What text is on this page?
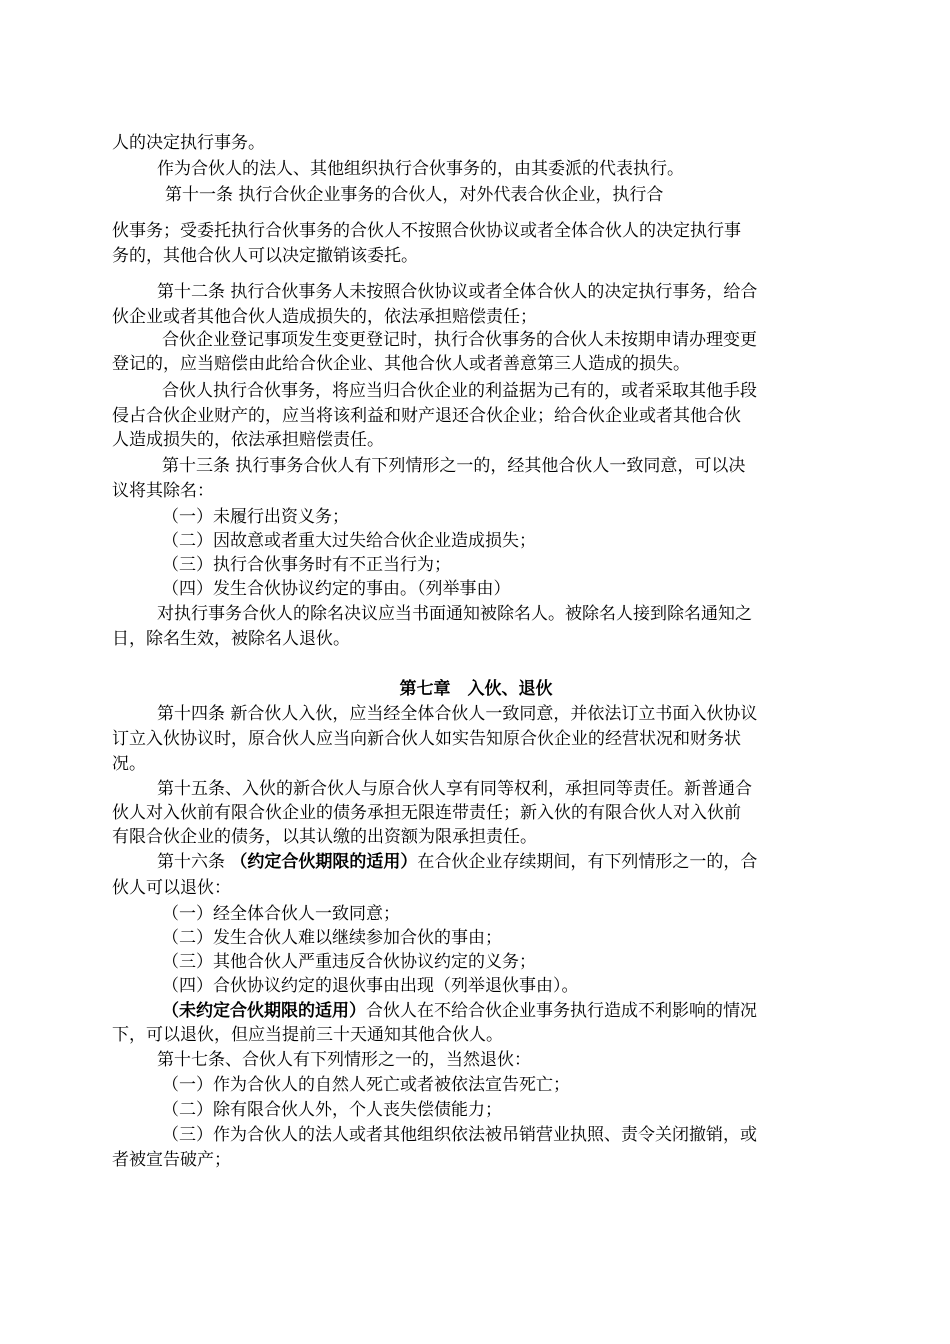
人的决定执行事务。
作为合伙人的法人、其他组织执行合伙事务的，由其委派的代表执行。
第十一条 执行合伙企业事务的合伙人，对外代表合伙企业，执行合
伙事务；受委托执行合伙事务的合伙人不按照合伙协议或者全体合伙人的决定执行事
务的，其他合伙人可以决定撤销该委托。
第十二条 执行合伙事务人未按照合伙协议或者全体合伙人的决定执行事务，给合
伙企业或者其他合伙人造成损失的，依法承担赔偿责任；
合伙企业登记事项发生变更登记时，执行合伙事务的合伙人未按期申请办理变更
登记的，应当赔偿由此给合伙企业、其他合伙人或者善意第三人造成的损失。
合伙人执行合伙事务，将应当归合伙企业的利益据为己有的，或者采取其他手段
侵占合伙企业财产的，应当将该利益和财产退还合伙企业；给合伙企业或者其他合伙
人造成损失的，依法承担赔偿责任。
第十三条 执行事务合伙人有下列情形之一的，经其他合伙人一致同意，可以决
议将其除名：
（一）未履行出资义务；
（二）因故意或者重大过失给合伙企业造成损失；
（三）执行合伙事务时有不正当行为；
（四）发生合伙协议约定的事由。（列举事由）
对执行事务合伙人的除名决议应当书面通知被除名人。被除名人接到除名通知之
日，除名生效，被除名人退伙。
第七章　入伙、退伙
第十四条 新合伙人入伙，应当经全体合伙人一致同意，并依法订立书面入伙协议
订立入伙协议时，原合伙人应当向新合伙人如实告知原合伙企业的经营状况和财务状
况。
第十五条、入伙的新合伙人与原合伙人享有同等权利，承担同等责任。新普通合
伙人对入伙前有限合伙企业的债务承担无限连带责任；新入伙的有限合伙人对入伙前
有限合伙企业的债务，以其认缴的出资额为限承担责任。
第十六条 （约定合伙期限的适用）在合伙企业存续期间，有下列情形之一的，合
伙人可以退伙：
（一）经全体合伙人一致同意；
（二）发生合伙人难以继续参加合伙的事由；
（三）其他合伙人严重违反合伙协议约定的义务；
（四）合伙协议约定的退伙事由出现（列举退伙事由）。
（未约定合伙期限的适用）合伙人在不给合伙企业事务执行造成不利影响的情况
下，可以退伙，但应当提前三十天通知其他合伙人。
第十七条、合伙人有下列情形之一的，当然退伙：
（一）作为合伙人的自然人死亡或者被依法宣告死亡；
（二）除有限合伙人外，个人丧失偿债能力；
（三）作为合伙人的法人或者其他组织依法被吊销营业执照、责令关闭撤销，或
者被宣告破产；
